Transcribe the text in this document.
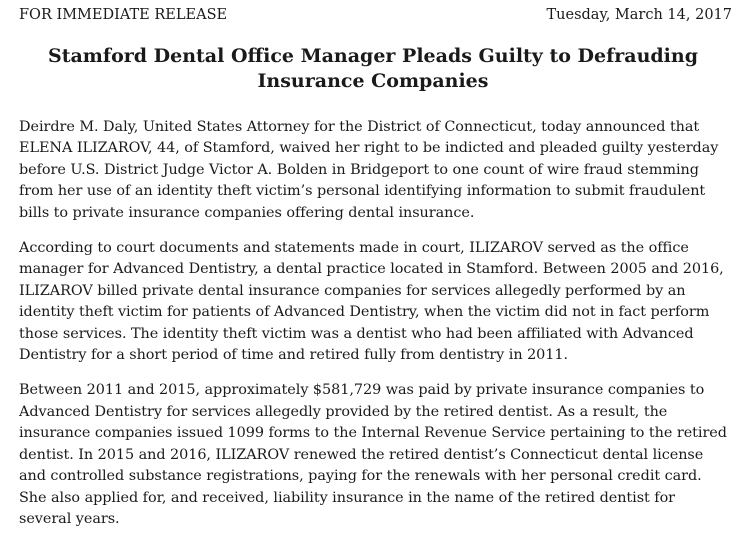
FOR IMMEDIATE RELEASE	Tuesday, March 14, 2017
Stamford Dental Office Manager Pleads Guilty to Defrauding Insurance Companies

Deirdre M. Daly, United States Attorney for the District of Connecticut, today announced that ELENA ILIZAROV, 44, of Stamford, waived her right to be indicted and pleaded guilty yesterday before U.S. District Judge Victor A. Bolden in Bridgeport to one count of wire fraud stemming from her use of an identity theft victim’s personal identifying information to submit fraudulent bills to private insurance companies offering dental insurance.

According to court documents and statements made in court, ILIZAROV served as the office manager for Advanced Dentistry, a dental practice located in Stamford. Between 2005 and 2016, ILIZAROV billed private dental insurance companies for services allegedly performed by an identity theft victim for patients of Advanced Dentistry, when the victim did not in fact perform those services. The identity theft victim was a dentist who had been affiliated with Advanced Dentistry for a short period of time and retired fully from dentistry in 2011.

Between 2011 and 2015, approximately $581,729 was paid by private insurance companies to Advanced Dentistry for services allegedly provided by the retired dentist. As a result, the insurance companies issued 1099 forms to the Internal Revenue Service pertaining to the retired dentist. In 2015 and 2016, ILIZAROV renewed the retired dentist’s Connecticut dental license and controlled substance registrations, paying for the renewals with her personal credit card. She also applied for, and received, liability insurance in the name of the retired dentist for several years.
